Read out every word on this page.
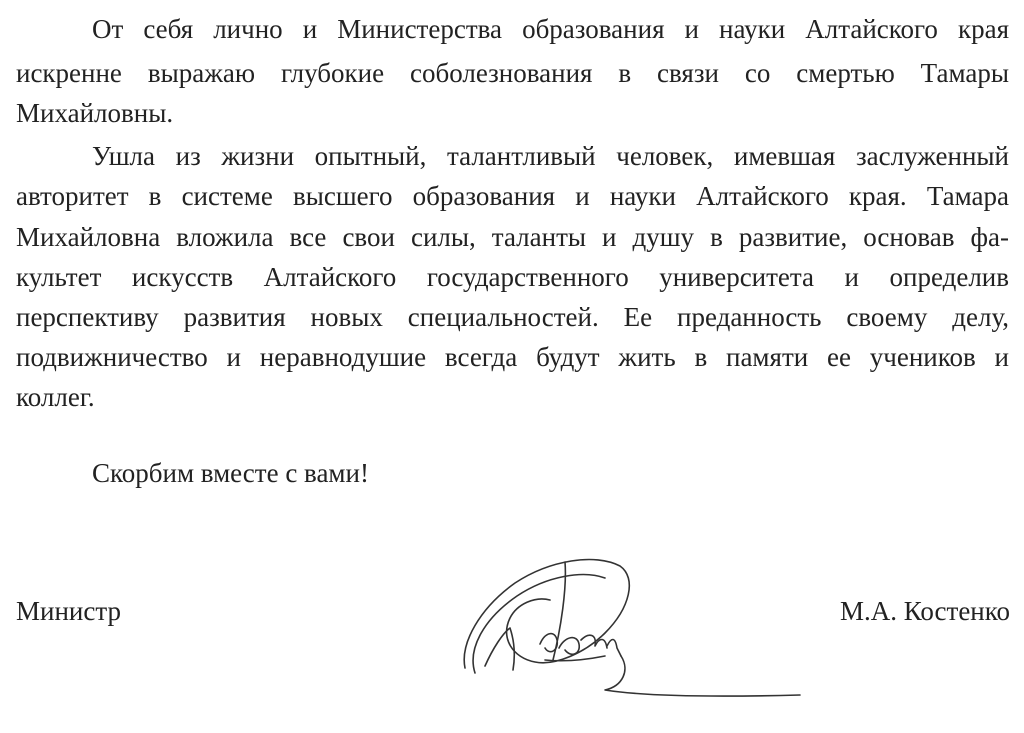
От себя лично и Министерства образования и науки Алтайского края
искренне выражаю глубокие соболезнования в связи со смертью Тамары
Михайловны.
Ушла из жизни опытный, талантливый человек, имевшая заслуженный
авторитет в системе высшего образования и науки Алтайского края. Тамара
Михайловна вложила все свои силы, таланты и душу в развитие, основав фа-
культет искусств Алтайского государственного университета и определив
перспективу развития новых специальностей. Ее преданность своему делу,
подвижничество и неравнодушие всегда будут жить в памяти ее учеников и
коллег.
Скорбим вместе с вами!
Министр	М.А. Костенко
